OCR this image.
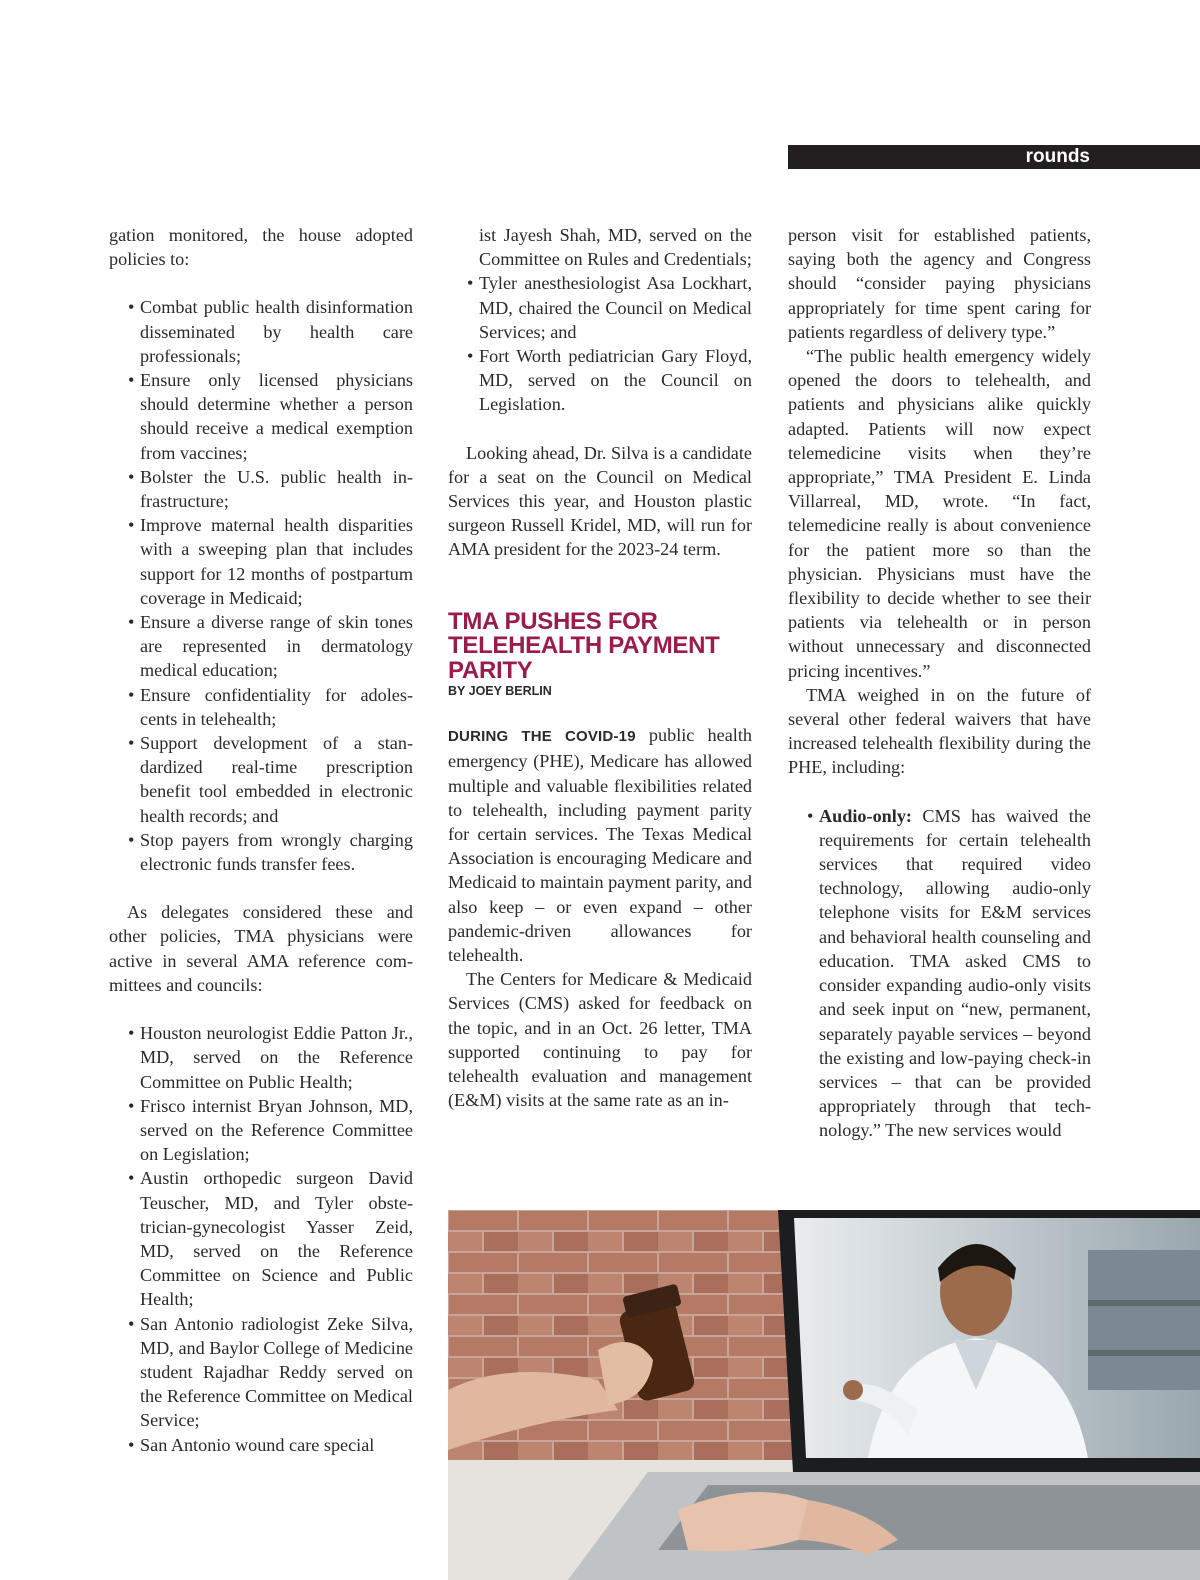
rounds

gation monitored, the house adopted policies to:

• Combat public health disinformation disseminated by health care professionals;
• Ensure only licensed physicians should determine whether a person should receive a medical exemption from vaccines;
• Bolster the U.S. public health infrastructure;
• Improve maternal health disparities with a sweeping plan that includes support for 12 months of postpartum coverage in Medicaid;
• Ensure a diverse range of skin tones are represented in dermatology medical education;
• Ensure confidentiality for adolescents in telehealth;
• Support development of a standardized real-time prescription benefit tool embedded in electronic health records; and
• Stop payers from wrongly charging electronic funds transfer fees.

As delegates considered these and other policies, TMA physicians were active in several AMA reference committees and councils:

• Houston neurologist Eddie Patton Jr., MD, served on the Reference Committee on Public Health;
• Frisco internist Bryan Johnson, MD, served on the Reference Committee on Legislation;
• Austin orthopedic surgeon David Teuscher, MD, and Tyler obstetrician-gynecologist Yasser Zeid, MD, served on the Reference Committee on Science and Public Health;
• San Antonio radiologist Zeke Silva, MD, and Baylor College of Medicine student Rajadhar Reddy served on the Reference Committee on Medical Service;
• San Antonio wound care special
ist Jayesh Shah, MD, served on the Committee on Rules and Credentials;
• Tyler anesthesiologist Asa Lockhart, MD, chaired the Council on Medical Services; and
• Fort Worth pediatrician Gary Floyd, MD, served on the Council on Legislation.

Looking ahead, Dr. Silva is a candidate for a seat on the Council on Medical Services this year, and Houston plastic surgeon Russell Kridel, MD, will run for AMA president for the 2023-24 term.

TMA PUSHES FOR TELEHEALTH PAYMENT PARITY

BY JOEY BERLIN

DURING THE COVID-19 public health emergency (PHE), Medicare has allowed multiple and valuable flexibilities related to telehealth, including payment parity for certain services. The Texas Medical Association is encouraging Medicare and Medicaid to maintain payment parity, and also keep – or even expand – other pandemic-driven allowances for telehealth.

The Centers for Medicare & Medicaid Services (CMS) asked for feedback on the topic, and in an Oct. 26 letter, TMA supported continuing to pay for telehealth evaluation and management (E&M) visits at the same rate as an in-

person visit for established patients, saying both the agency and Congress should “consider paying physicians appropriately for time spent caring for patients regardless of delivery type.”

“The public health emergency widely opened the doors to telehealth, and patients and physicians alike quickly adapted. Patients will now expect telemedicine visits when they’re appropriate,” TMA President E. Linda Villarreal, MD, wrote. “In fact, telemedicine really is about convenience for the patient more so than the physician. Physicians must have the flexibility to decide whether to see their patients via telehealth or in person without unnecessary and disconnected pricing incentives.”

TMA weighed in on the future of several other federal waivers that have increased telehealth flexibility during the PHE, including:

• Audio-only: CMS has waived the requirements for certain telehealth services that required video technology, allowing audio-only telephone visits for E&M services and behavioral health counseling and education. TMA asked CMS to consider expanding audio-only visits and seek input on “new, permanent, separately payable services – beyond the existing and low-paying check-in services – that can be provided appropriately through that technology.” The new services would
